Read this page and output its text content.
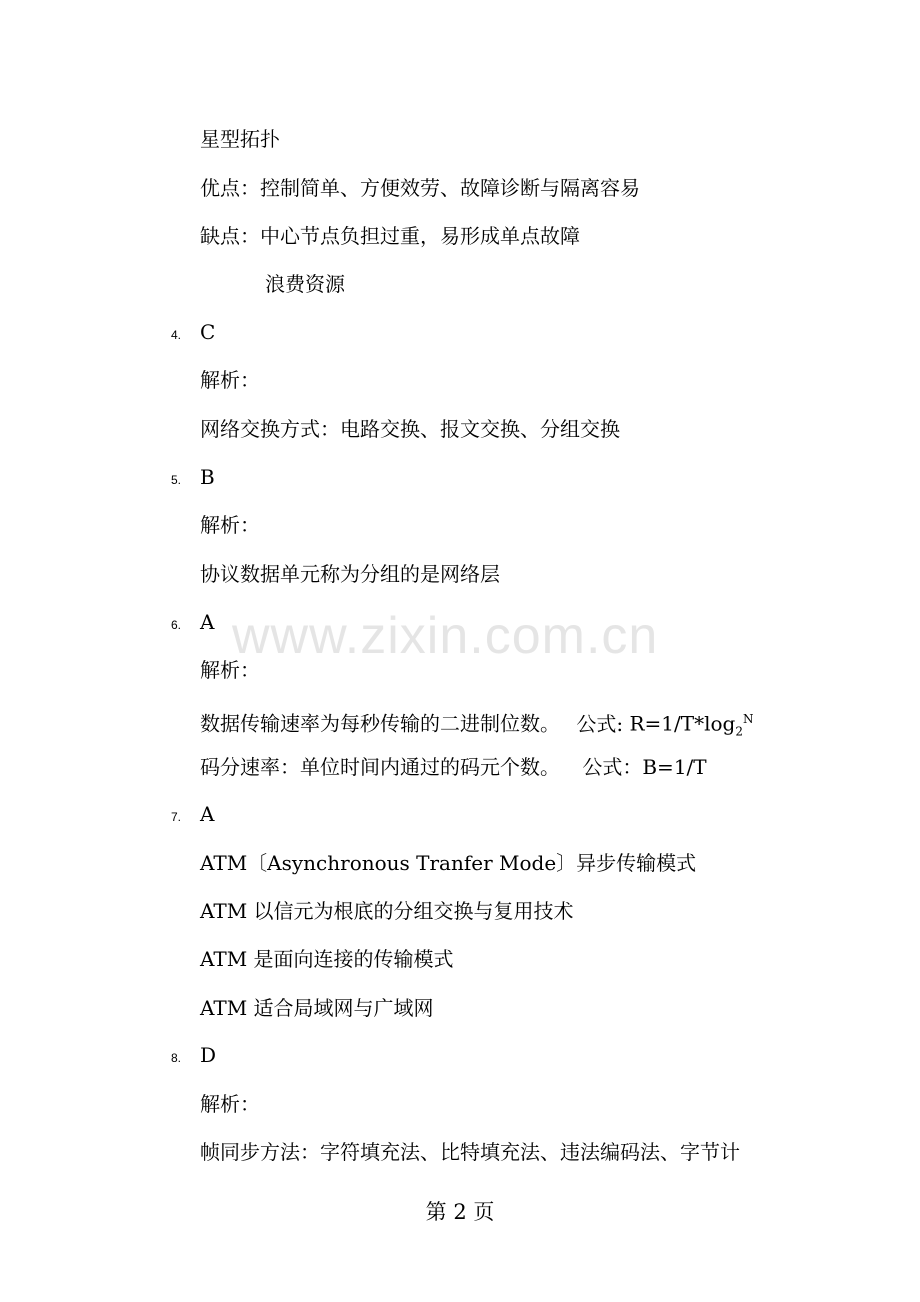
www.zixin.com.cn
星型拓扑
优点：控制简单、方便效劳、故障诊断与隔离容易
缺点：中心节点负担过重，易形成单点故障
浪费资源
4. C
解析：
网络交换方式：电路交换、报文交换、分组交换
5. B
解析：
协议数据单元称为分组的是网络层
6. A
解析：
数据传输速率为每秒传输的二进制位数。 公式: $R=1/T*\log_2^N$
码分速率：单位时间内通过的码元个数。 公式：B=1/T
7. A
ATM〔Asynchronous Tranfer Mode〕异步传输模式
ATM 以信元为根底的分组交换与复用技术
ATM 是面向连接的传输模式
ATM 适合局域网与广域网
8. D
解析：
帧同步方法：字符填充法、比特填充法、违法编码法、字节计
第 2 页
